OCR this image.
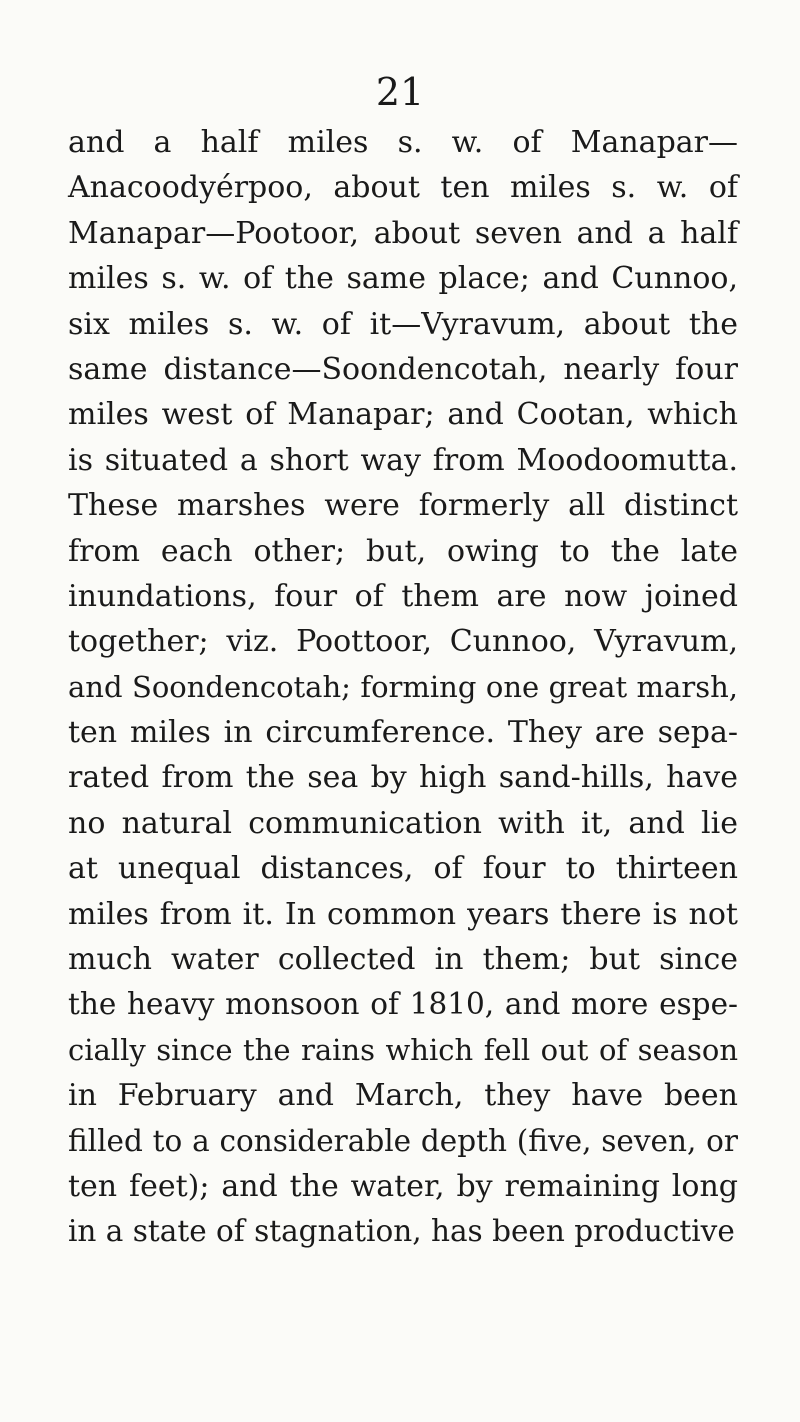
21
and a half miles s. w. of Manapar—
Anacoodyérpoo, about ten miles s. w. of
Manapar—Pootoor, about seven and a half
miles s. w. of the same place; and Cunnoo,
six miles s. w. of it—Vyravum, about the
same distance—Soondencotah, nearly four
miles west of Manapar; and Cootan, which
is situated a short way from Moodoomutta.
These marshes were formerly all distinct
from each other; but, owing to the late
inundations, four of them are now joined
together; viz. Poottoor, Cunnoo, Vyravum,
and Soondencotah; forming one great marsh,
ten miles in circumference. They are sepa-
rated from the sea by high sand-hills, have
no natural communication with it, and lie
at unequal distances, of four to thirteen
miles from it. In common years there is not
much water collected in them; but since
the heavy monsoon of 1810, and more espe-
cially since the rains which fell out of season
in February and March, they have been
filled to a considerable depth (five, seven, or
ten feet); and the water, by remaining long
in a state of stagnation, has been productive
